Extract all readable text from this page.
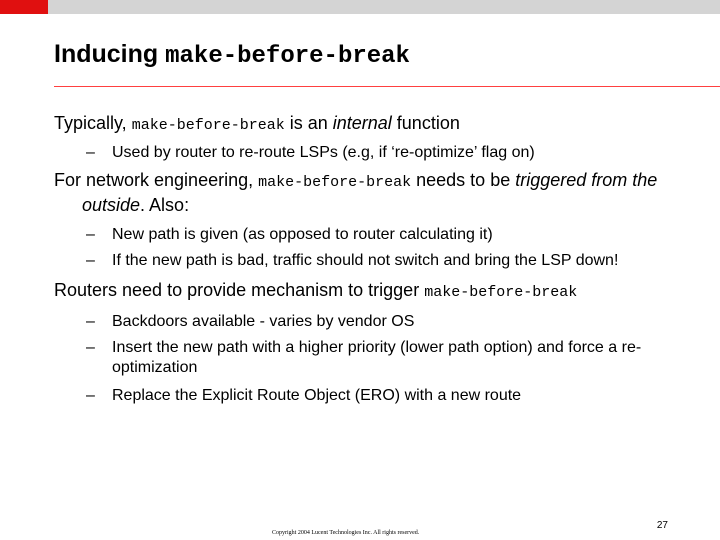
Inducing make-before-break

Typically, make-before-break is an internal function

– Used by router to re-route LSPs (e.g, if ‘re-optimize’ flag on)

For network engineering, make-before-break needs to be triggered from the outside. Also:

– New path is given (as opposed to router calculating it)

– If the new path is bad, traffic should not switch and bring the LSP down!

Routers need to provide mechanism to trigger make-before-break

– Backdoors available - varies by vendor OS

– Insert the new path with a higher priority (lower path option) and force a re-optimization

– Replace the Explicit Route Object (ERO) with a new route

27
Copyright 2004 Lucent Technologies Inc. All rights reserved.
